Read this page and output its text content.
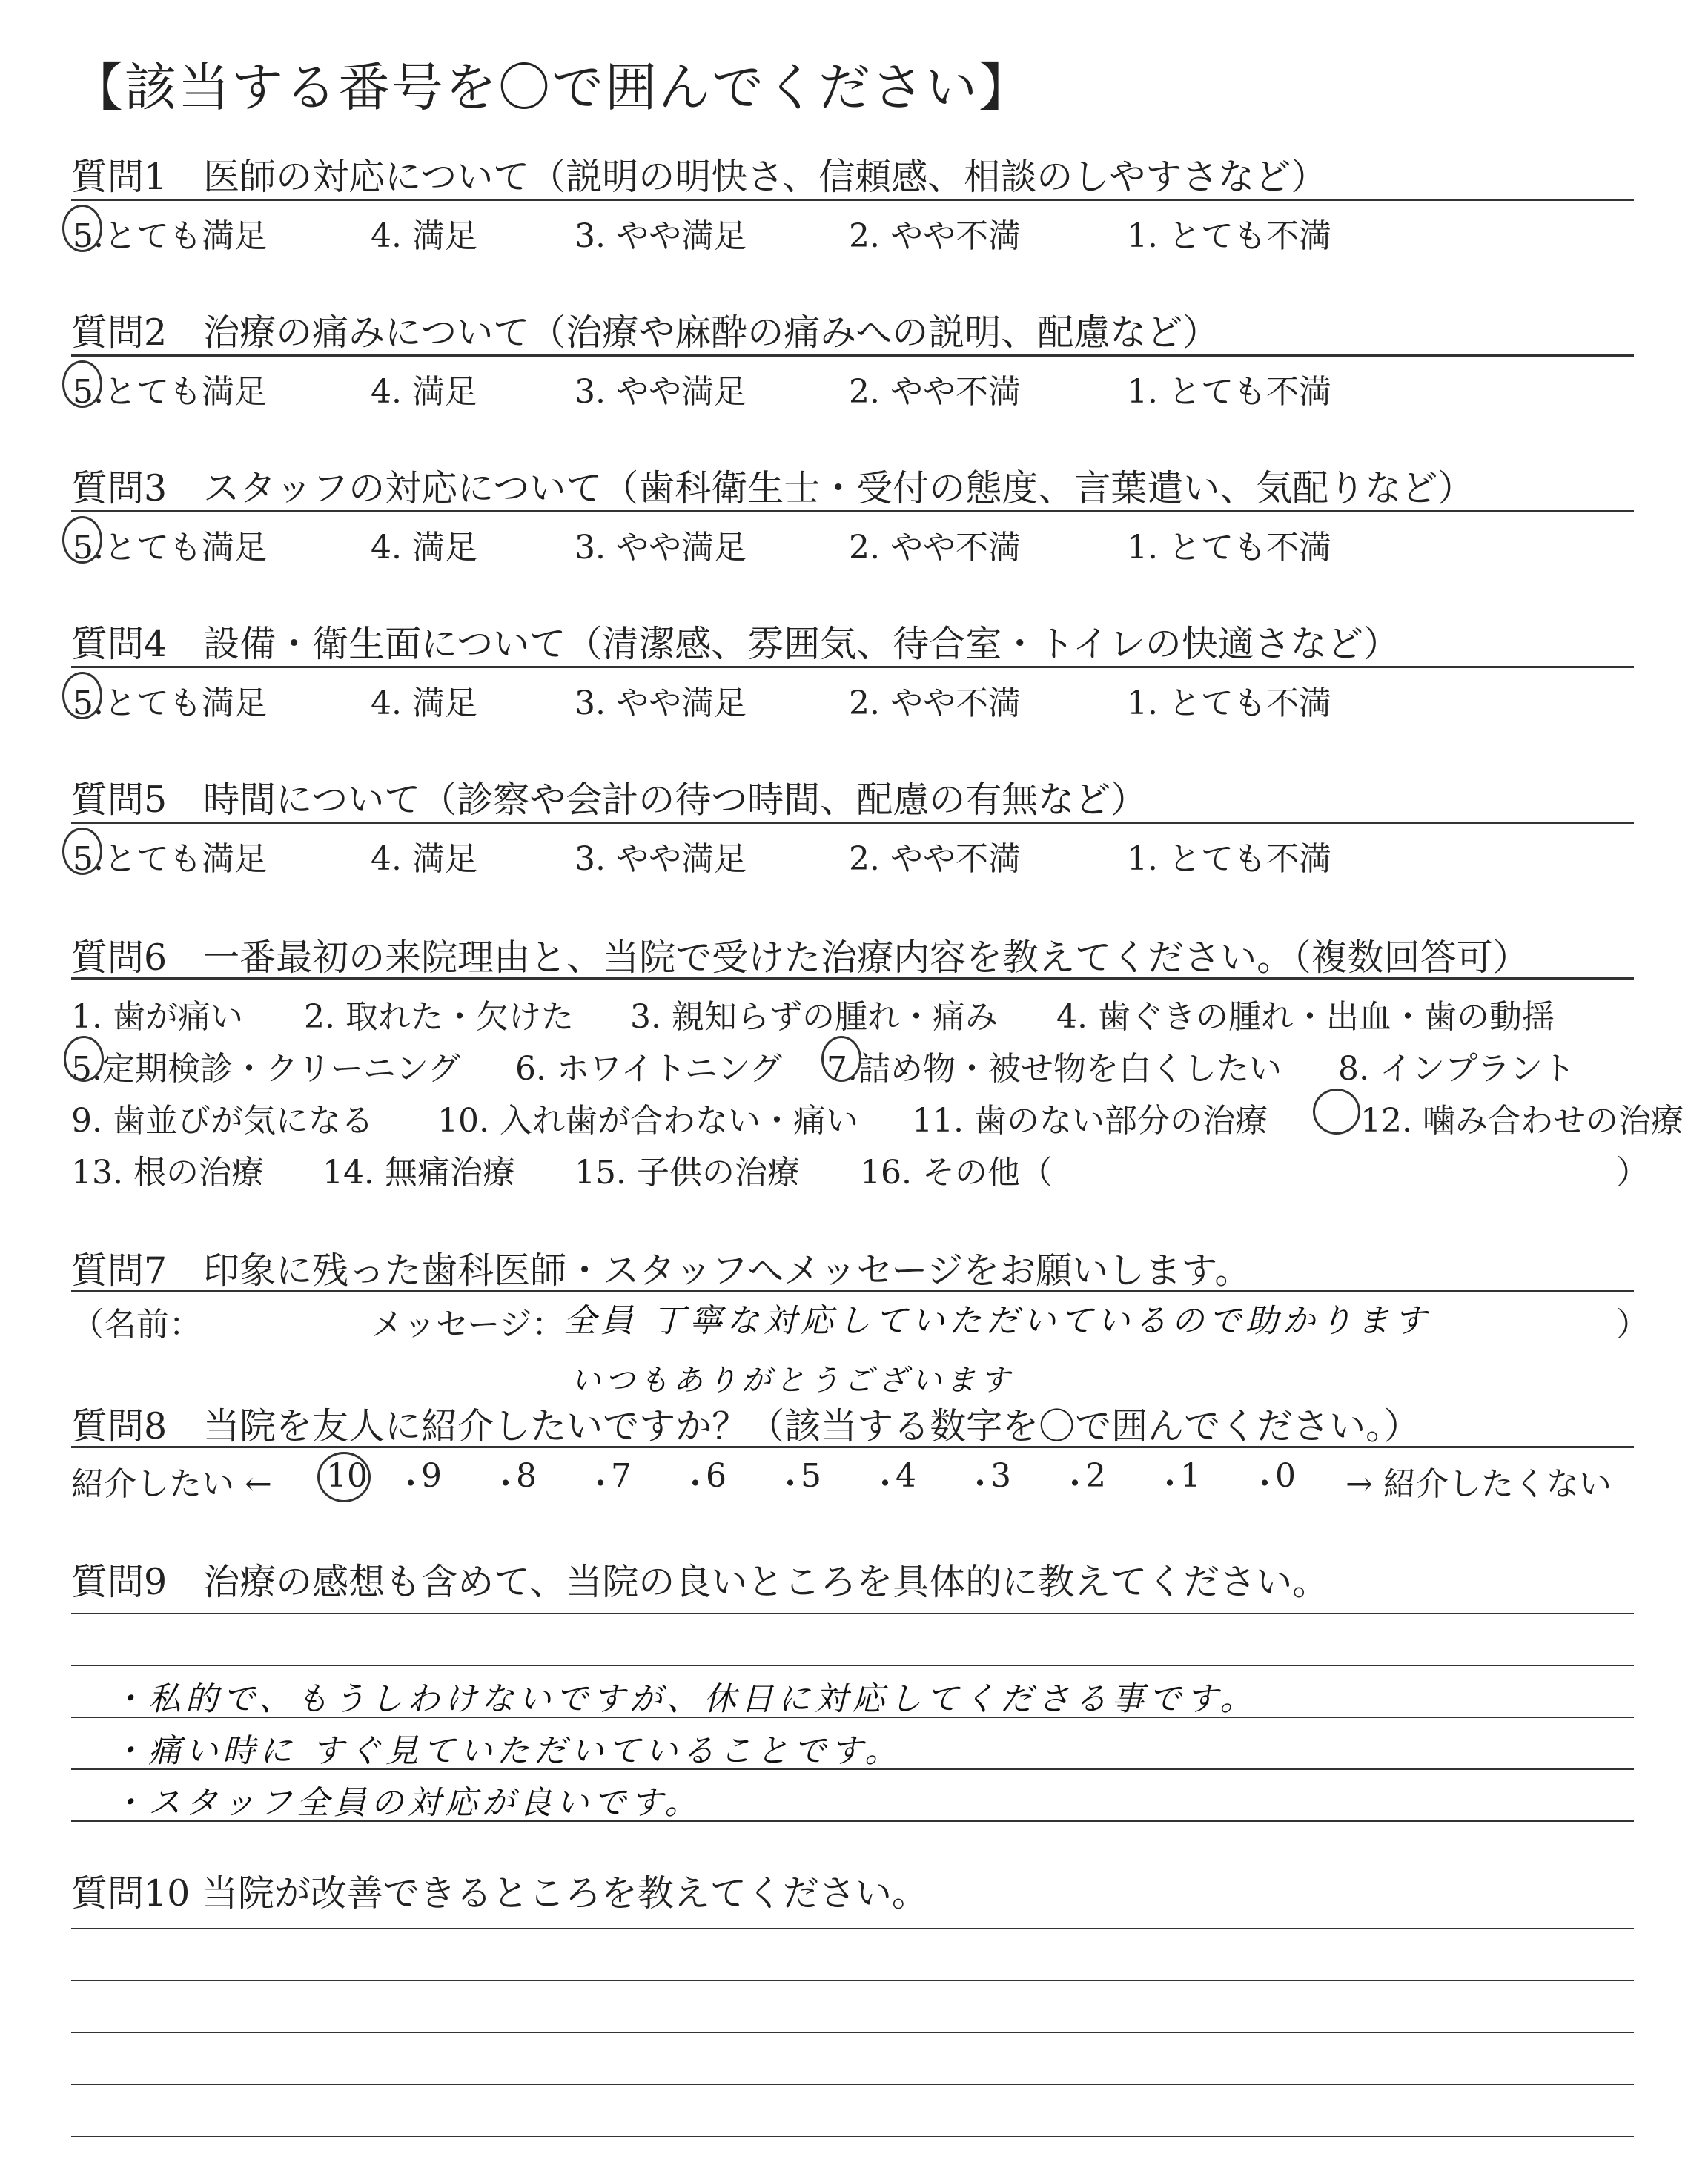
【該当する番号を〇で囲んでください】
質問1　医師の対応について（説明の明快さ、信頼感、相談のしやすさなど）
5.とても満足	4. 満足	3. やや満足	2. やや不満	1. とても不満
質問2　治療の痛みについて（治療や麻酔の痛みへの説明、配慮など）
5.とても満足	4. 満足	3. やや満足	2. やや不満	1. とても不満
質問3　スタッフの対応について（歯科衛生士・受付の態度、言葉遣い、気配りなど）
5.とても満足	4. 満足	3. やや満足	2. やや不満	1. とても不満
質問4　設備・衛生面について（清潔感、雰囲気、待合室・トイレの快適さなど）
5.とても満足	4. 満足	3. やや満足	2. やや不満	1. とても不満
質問5　時間について（診察や会計の待つ時間、配慮の有無など）
5.とても満足	4. 満足	3. やや満足	2. やや不満	1. とても不満
質問6　一番最初の来院理由と、当院で受けた治療内容を教えてください。（複数回答可）
1. 歯が痛い 2. 取れた・欠けた 3. 親知らずの腫れ・痛み 4. 歯ぐきの腫れ・出血・歯の動揺
5.定期検診・クリーニング 6. ホワイトニング 7.詰め物・被せ物を白くしたい 8. インプラント
9. 歯並びが気になる 10. 入れ歯が合わない・痛い 11. 歯のない部分の治療	12. 噛み合わせの治療
13. 根の治療 14. 無痛治療 15. 子供の治療 16. その他（	）
質問7　印象に残った歯科医師・スタッフへメッセージをお願いします。
（名前：	メッセージ：
全員 丁寧な対応していただいているので助かります
いつもありがとうございます
）
質問8　当院を友人に紹介したいですか？（該当する数字を〇で囲んでください。）
紹介したい ← 10 ・
9 ・
8 ・
7 ・
6 ・
5 ・
4 ・
3 ・
2 ・
1 ・
0 → 紹介したくない
質問9　治療の感想も含めて、当院の良いところを具体的に教えてください。
・私的で、もうしわけないですが、休日に対応してくださる事です。
・痛い時に すぐ見ていただいていることです。
・スタッフ全員の対応が良いです。
質問10 当院が改善できるところを教えてください。
